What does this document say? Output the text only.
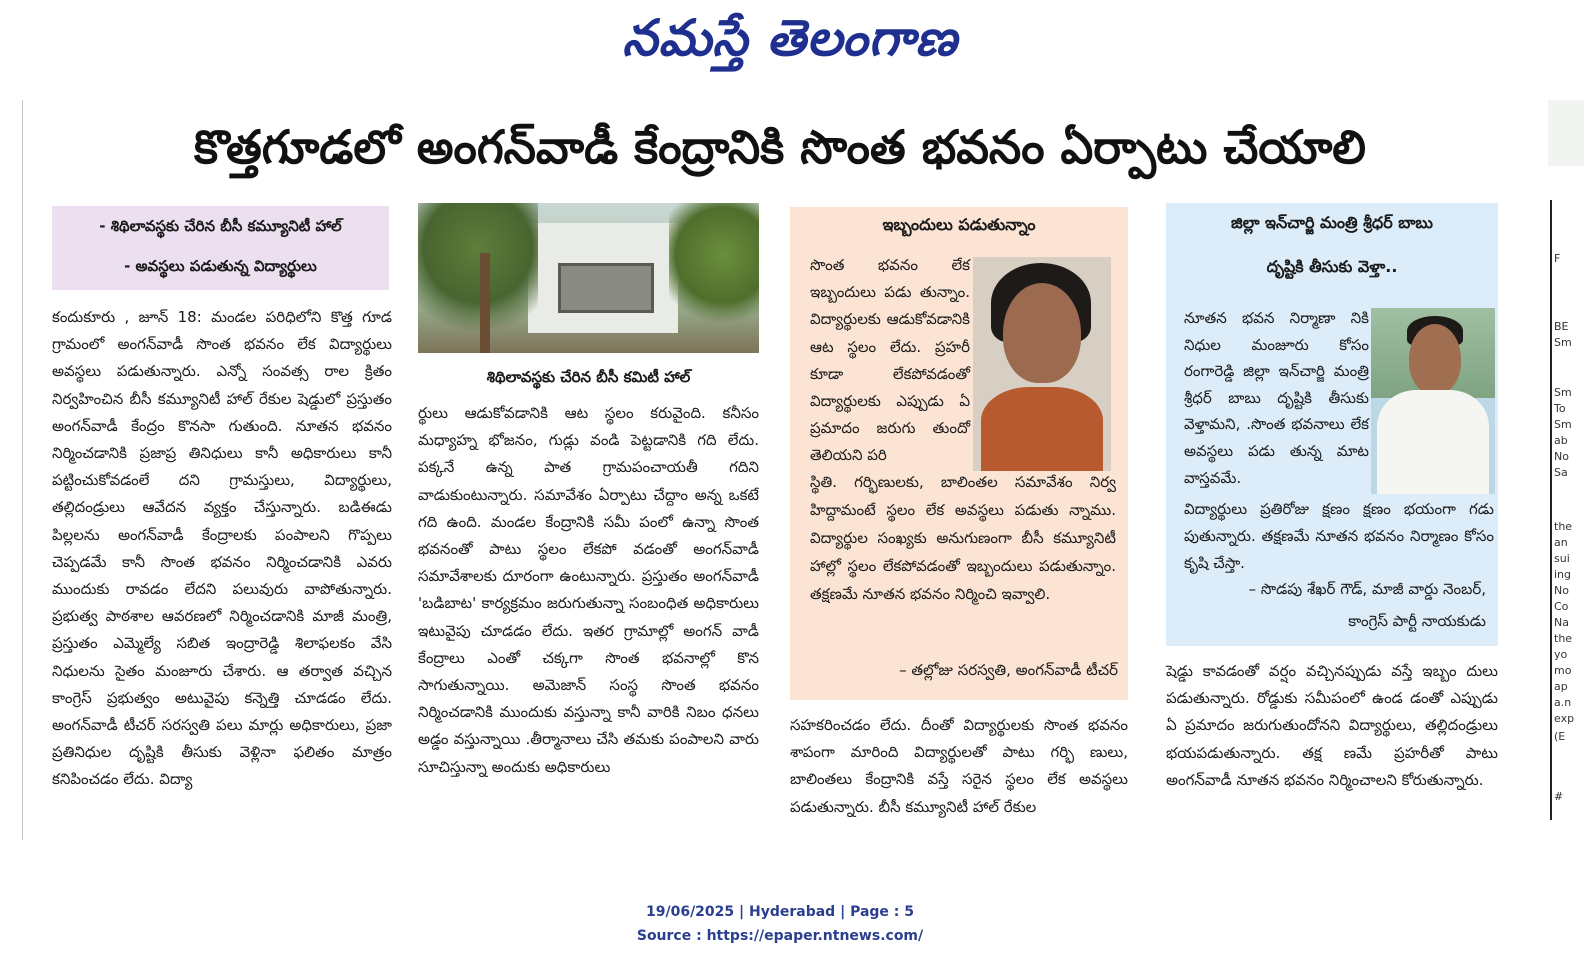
నమస్తే తెలంగాణ
కొత్తగూడలో అంగన్‌వాడీ కేంద్రానికి సొంత భవనం ఏర్పాటు చేయాలి
- శిథిలావస్థకు చేరిన బీసీ కమ్యూనిటీ హాల్
- అవస్థలు పడుతున్న విద్యార్థులు

కందుకూరు , జూన్ 18: మండల పరిధిలోని కొత్త గూడ గ్రామంలో అంగన్‌వాడీ సొంత భవనం లేక విద్యార్థులు అవస్థలు పడుతున్నారు. ఎన్నో సంవత్స రాల క్రితం నిర్వహించిన బీసీ కమ్యూనిటీ హాల్ రేకుల షెడ్డులో ప్రస్తుతం అంగన్‌వాడీ కేంద్రం కొనసా గుతుంది. నూతన భవనం నిర్మించడానికి ప్రజాప్ర తినిధులు కానీ అధికారులు కానీ పట్టించుకోవడంలే దని గ్రామస్తులు, విద్యార్థులు, తల్లిదండ్రులు ఆవేదన వ్యక్తం చేస్తున్నారు. బడిఈడు పిల్లలను అంగన్‌వాడీ కేంద్రాలకు పంపాలని గొప్పలు చెప్పడమే కానీ సొంత భవనం నిర్మించడానికి ఎవరు ముందుకు రావడం లేదని పలువురు వాపోతున్నారు. ప్రభుత్వ పాఠశాల ఆవరణలో నిర్మించడానికి మాజీ మంత్రి, ప్రస్తుతం ఎమ్మెల్యే సబిత ఇంద్రారెడ్డి శిలాఫలకం వేసి నిధులను సైతం మంజూరు చేశారు. ఆ తర్వాత వచ్చిన కాంగ్రెస్ ప్రభుత్వం అటువైపు కన్నెత్తి చూడడం లేదు. అంగన్‌వాడీ టీచర్ సరస్వతి పలు మార్లు అధికారులు, ప్రజా ప్రతినిధుల దృష్టికి తీసుకు వెళ్లినా ఫలితం మాత్రం కనిపించడం లేదు. విద్యా

శిథిలావస్థకు చేరిన బీసీ కమిటీ హాల్

ర్థులు ఆడుకోవడానికి ఆట స్థలం కరువైంది. కనీసం మధ్యాహ్న భోజనం, గుడ్లు వండి పెట్టడానికి గది లేదు. పక్కనే ఉన్న పాత గ్రామపంచాయతీ గదిని వాడుకుంటున్నారు. సమావేశం ఏర్పాటు చేద్దాం అన్న ఒకటే గది ఉంది. మండల కేంద్రానికి సమీ పంలో ఉన్నా సొంత భవనంతో పాటు స్థలం లేకపో వడంతో అంగన్‌వాడీ సమావేశాలకు దూరంగా ఉంటున్నారు. ప్రస్తుతం అంగన్‌వాడీ 'బడిబాట' కార్యక్రమం జరుగుతున్నా సంబంధిత అధికారులు ఇటువైపు చూడడం లేదు. ఇతర గ్రామాల్లో అంగన్ వాడీ కేంద్రాలు ఎంతో చక్కగా సొంత భవనాల్లో కొన సాగుతున్నాయి. అమెజాన్ సంస్థ సొంత భవనం నిర్మించడానికి ముందుకు వస్తున్నా కానీ వారికి నిబం ధనలు అడ్డం వస్తున్నాయి .తీర్మానాలు చేసి తమకు పంపాలని వారు సూచిస్తున్నా అందుకు అధికారులు

ఇబ్బందులు పడుతున్నాం

సొంత భవనం లేక ఇబ్బందులు పడు తున్నాం. విద్యార్థులకు ఆడుకోవడానికి ఆట స్థలం లేదు. ప్రహరీ కూడా లేకపోవడంతో విద్యార్థులకు ఎప్పుడు ఏ ప్రమాదం జరుగు తుందో తెలియని పరి

స్థితి. గర్భిణులకు, బాలింతల సమావేశం నిర్వ హిద్దామంటే స్థలం లేక అవస్థలు పడుతు న్నాము. విద్యార్థుల సంఖ్యకు అనుగుణంగా బీసీ కమ్యూనిటీ హాల్లో స్థలం లేకపోవడంతో ఇబ్బందులు పడుతున్నాం. తక్షణమే నూతన భవనం నిర్మించి ఇవ్వాలి.

– తల్లోజు సరస్వతి, అంగన్‌వాడీ టీచర్

సహకరించడం లేదు. దీంతో విద్యార్థులకు సొంత భవనం శాపంగా మారింది విద్యార్థులతో పాటు గర్భి ణులు, బాలింతలు కేంద్రానికి వస్తే సరైన స్థలం లేక అవస్థలు పడుతున్నారు. బీసీ కమ్యూనిటీ హాల్ రేకుల

జిల్లా ఇన్‌చార్జి మంత్రి శ్రీధర్ బాబు
దృష్టికి తీసుకు వెళ్తా..

నూతన భవన నిర్మాణా నికి నిధుల మంజూరు కోసం రంగారెడ్డి జిల్లా ఇన్‌చార్జి మంత్రి శ్రీధర్ బాబు దృష్టికి తీసుకు వెళ్తామని, .సొంత భవనాలు లేక అవస్థలు పడు తున్న మాట వాస్తవమే.

విద్యార్థులు ప్రతిరోజు క్షణం క్షణం భయంగా గడు పుతున్నారు. తక్షణమే నూతన భవనం నిర్మాణం కోసం కృషి చేస్తా.

– సొడపు శేఖర్ గౌడ్, మాజీ వార్డు నెంబర్,
కాంగ్రెస్ పార్టీ నాయకుడు

షెడ్డు కావడంతో వర్షం వచ్చినప్పుడు వస్తే ఇబ్బం దులు పడుతున్నారు. రోడ్డుకు సమీపంలో ఉండ డంతో ఎప్పుడు ఏ ప్రమాదం జరుగుతుందోనని విద్యార్థులు, తల్లిదండ్రులు భయపడుతున్నారు. తక్ష ణమే ప్రహరీతో పాటు అంగన్‌వాడీ నూతన భవనం నిర్మించాలని కోరుతున్నారు.

19/06/2025 | Hyderabad | Page : 5
Source : https://epaper.ntnews.com/
F
BE
Sm
Sm
To
Sm
ab
No
Sa
the
an
sui
ing
No
Co
Na
the
yo
mo
ap
a.n
exp
(E
#
